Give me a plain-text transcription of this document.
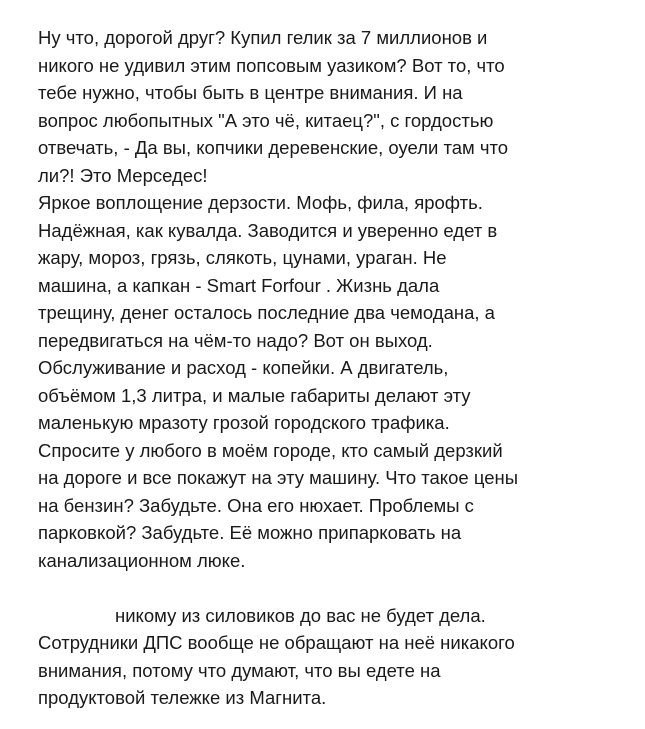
Ну что, дорогой друг? Купил гелик за 7 миллионов и
никого не удивил этим попсовым уазиком? Вот то, что
тебе нужно, чтобы быть в центре внимания. И на
вопрос любопытных "А это чё, китаец?", с гордостью
отвечать, - Да вы, копчики деревенские, оуели там что
ли?! Это Мерседес!
Яркое воплощение дерзости. Мофь, фила, ярофть.
Надёжная, как кувалда. Заводится и уверенно едет в
жару, мороз, грязь, слякоть, цунами, ураган. Не
машина, а капкан - Smart Forfour . Жизнь дала
трещину, денег осталось последние два чемодана, а
передвигаться на чём-то надо? Вот он выход.
Обслуживание и расход - копейки. А двигатель,
объёмом 1,3 литра, и малые габариты делают эту
маленькую мразоту грозой городского трафика.
Спросите у любого в моём городе, кто самый дерзкий
на дороге и все покажут на эту машину. Что такое цены
на бензин? Забудьте. Она его нюхает. Проблемы с
парковкой? Забудьте. Её можно припарковать на
канализационном люке.
никому из силовиков до вас не будет дела.
Сотрудники ДПС вообще не обращают на неё никакого
внимания, потому что думают, что вы едете на
продуктовой тележке из Магнита.
